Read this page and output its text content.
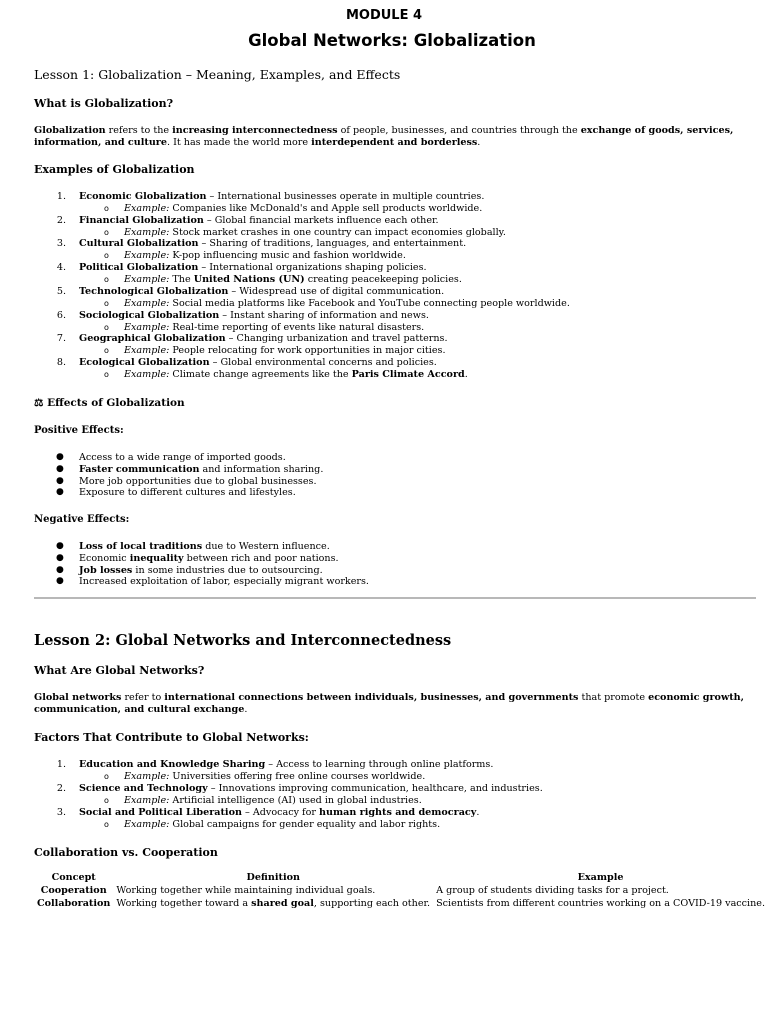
MODULE 4
Global Networks: Globalization
Lesson 1: Globalization – Meaning, Examples, and Effects
What is Globalization?
Globalization refers to the increasing interconnectedness of people, businesses, and countries through the exchange of goods, services, information, and culture. It has made the world more interdependent and borderless.
Examples of Globalization
1. Economic Globalization – International businesses operate in multiple countries.
o Example: Companies like McDonald's and Apple sell products worldwide.
2. Financial Globalization – Global financial markets influence each other.
o Example: Stock market crashes in one country can impact economies globally.
3. Cultural Globalization – Sharing of traditions, languages, and entertainment.
o Example: K-pop influencing music and fashion worldwide.
4. Political Globalization – International organizations shaping policies.
o Example: The United Nations (UN) creating peacekeeping policies.
5. Technological Globalization – Widespread use of digital communication.
o Example: Social media platforms like Facebook and YouTube connecting people worldwide.
6. Sociological Globalization – Instant sharing of information and news.
o Example: Real-time reporting of events like natural disasters.
7. Geographical Globalization – Changing urbanization and travel patterns.
o Example: People relocating for work opportunities in major cities.
8. Ecological Globalization – Global environmental concerns and policies.
o Example: Climate change agreements like the Paris Climate Accord.
⚖ Effects of Globalization
Positive Effects:
● Access to a wide range of imported goods.
● Faster communication and information sharing.
● More job opportunities due to global businesses.
● Exposure to different cultures and lifestyles.
Negative Effects:
● Loss of local traditions due to Western influence.
● Economic inequality between rich and poor nations.
● Job losses in some industries due to outsourcing.
● Increased exploitation of labor, especially migrant workers.
Lesson 2: Global Networks and Interconnectedness
What Are Global Networks?
Global networks refer to international connections between individuals, businesses, and governments that promote economic growth, communication, and cultural exchange.
Factors That Contribute to Global Networks:
1. Education and Knowledge Sharing – Access to learning through online platforms.
o Example: Universities offering free online courses worldwide.
2. Science and Technology – Innovations improving communication, healthcare, and industries.
o Example: Artificial intelligence (AI) used in global industries.
3. Social and Political Liberation – Advocacy for human rights and democracy.
o Example: Global campaigns for gender equality and labor rights.
Collaboration vs. Cooperation
Concept	Definition	Example
Cooperation	Working together while maintaining individual goals.	A group of students dividing tasks for a project.
Collaboration	Working together toward a shared goal, supporting each other.	Scientists from different countries working on a COVID-19 vaccine.
